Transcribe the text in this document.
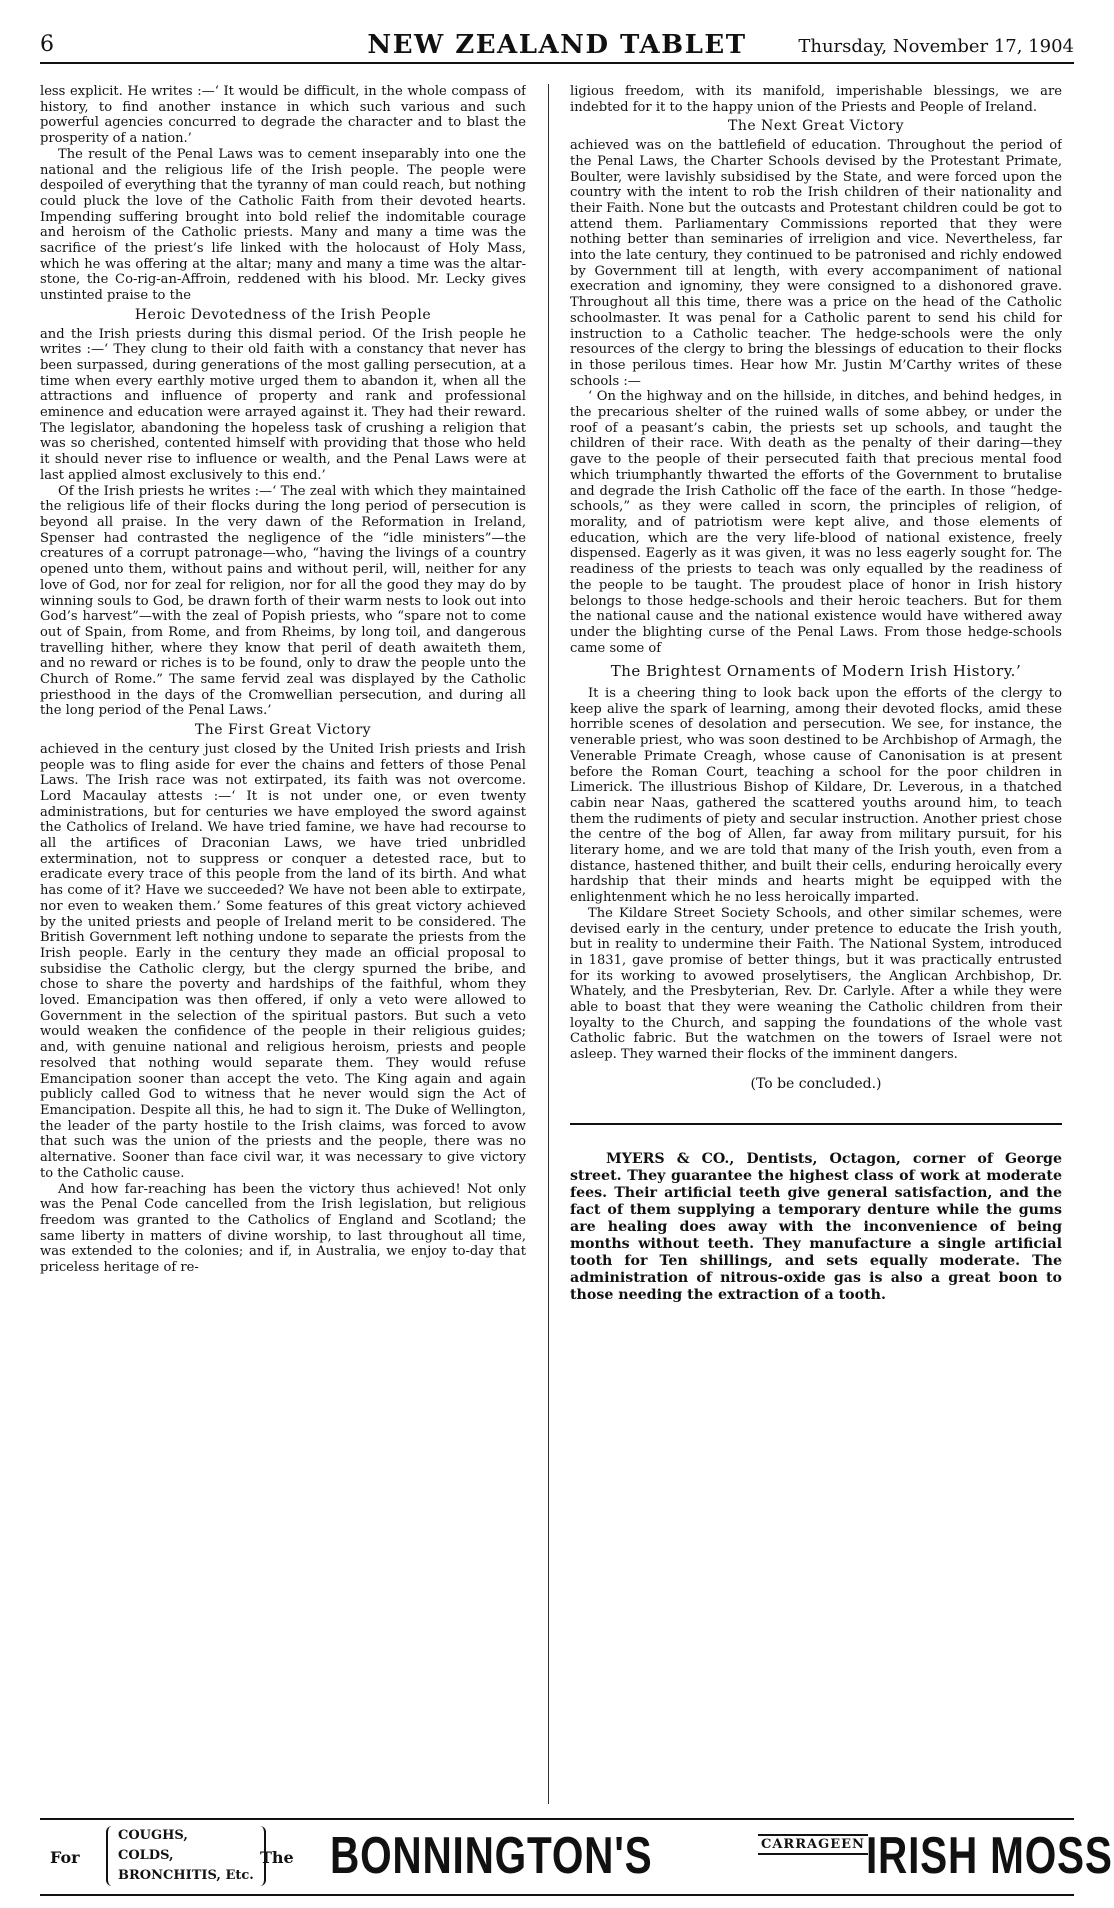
6	NEW ZEALAND TABLET	Thursday, November 17, 1904

less explicit. He writes :—‘ It would be difficult, in the whole compass of history, to find another instance in which such various and such powerful agencies concurred to degrade the character and to blast the prosperity of a nation.’

The result of the Penal Laws was to cement inseparably into one the national and the religious life of the Irish people. The people were despoiled of everything that the tyranny of man could reach, but nothing could pluck the love of the Catholic Faith from their devoted hearts. Impending suffering brought into bold relief the indomitable courage and heroism of the Catholic priests. Many and many a time was the sacrifice of the priest’s life linked with the holocaust of Holy Mass, which he was offering at the altar; many and many a time was the altar-stone, the Co-rig-an-Affroin, reddened with his blood. Mr. Lecky gives unstinted praise to the

Heroic Devotedness of the Irish People

and the Irish priests during this dismal period. Of the Irish people he writes :—‘ They clung to their old faith with a constancy that never has been surpassed, during generations of the most galling persecution, at a time when every earthly motive urged them to abandon it, when all the attractions and influence of property and rank and professional eminence and education were arrayed against it. They had their reward. The legislator, abandoning the hopeless task of crushing a religion that was so cherished, contented himself with providing that those who held it should never rise to influence or wealth, and the Penal Laws were at last applied almost exclusively to this end.’

Of the Irish priests he writes :—‘ The zeal with which they maintained the religious life of their flocks during the long period of persecution is beyond all praise. In the very dawn of the Reformation in Ireland, Spenser had contrasted the negligence of the “idle ministers”—the creatures of a corrupt patronage—who, “having the livings of a country opened unto them, without pains and without peril, will, neither for any love of God, nor for zeal for religion, nor for all the good they may do by winning souls to God, be drawn forth of their warm nests to look out into God’s harvest”—with the zeal of Popish priests, who “spare not to come out of Spain, from Rome, and from Rheims, by long toil, and dangerous travelling hither, where they know that peril of death awaiteth them, and no reward or riches is to be found, only to draw the people unto the Church of Rome.” The same fervid zeal was displayed by the Catholic priesthood in the days of the Cromwellian persecution, and during all the long period of the Penal Laws.’

The First Great Victory

achieved in the century just closed by the United Irish priests and Irish people was to fling aside for ever the chains and fetters of those Penal Laws. The Irish race was not extirpated, its faith was not overcome. Lord Macaulay attests :—‘ It is not under one, or even twenty administrations, but for centuries we have employed the sword against the Catholics of Ireland. We have tried famine, we have had recourse to all the artifices of Draconian Laws, we have tried unbridled extermination, not to suppress or conquer a detested race, but to eradicate every trace of this people from the land of its birth. And what has come of it? Have we succeeded? We have not been able to extirpate, nor even to weaken them.’ Some features of this great victory achieved by the united priests and people of Ireland merit to be considered. The British Government left nothing undone to separate the priests from the Irish people. Early in the century they made an official proposal to subsidise the Catholic clergy, but the clergy spurned the bribe, and chose to share the poverty and hardships of the faithful, whom they loved. Emancipation was then offered, if only a veto were allowed to Government in the selection of the spiritual pastors. But such a veto would weaken the confidence of the people in their religious guides; and, with genuine national and religious heroism, priests and people resolved that nothing would separate them. They would refuse Emancipation sooner than accept the veto. The King again and again publicly called God to witness that he never would sign the Act of Emancipation. Despite all this, he had to sign it. The Duke of Wellington, the leader of the party hostile to the Irish claims, was forced to avow that such was the union of the priests and the people, there was no alternative. Sooner than face civil war, it was necessary to give victory to the Catholic cause.

And how far-reaching has been the victory thus achieved! Not only was the Penal Code cancelled from the Irish legislation, but religious freedom was granted to the Catholics of England and Scotland; the same liberty in matters of divine worship, to last throughout all time, was extended to the colonies; and if, in Australia, we enjoy to-day that priceless heritage of re-

ligious freedom, with its manifold, imperishable blessings, we are indebted for it to the happy union of the Priests and People of Ireland.

The Next Great Victory

achieved was on the battlefield of education. Throughout the period of the Penal Laws, the Charter Schools devised by the Protestant Primate, Boulter, were lavishly subsidised by the State, and were forced upon the country with the intent to rob the Irish children of their nationality and their Faith. None but the outcasts and Protestant children could be got to attend them. Parliamentary Commissions reported that they were nothing better than seminaries of irreligion and vice. Nevertheless, far into the late century, they continued to be patronised and richly endowed by Government till at length, with every accompaniment of national execration and ignominy, they were consigned to a dishonored grave. Throughout all this time, there was a price on the head of the Catholic schoolmaster. It was penal for a Catholic parent to send his child for instruction to a Catholic teacher. The hedge-schools were the only resources of the clergy to bring the blessings of education to their flocks in those perilous times. Hear how Mr. Justin M’Carthy writes of these schools :—

‘ On the highway and on the hillside, in ditches, and behind hedges, in the precarious shelter of the ruined walls of some abbey, or under the roof of a peasant’s cabin, the priests set up schools, and taught the children of their race. With death as the penalty of their daring—they gave to the people of their persecuted faith that precious mental food which triumphantly thwarted the efforts of the Government to brutalise and degrade the Irish Catholic off the face of the earth. In those “hedge-schools,” as they were called in scorn, the principles of religion, of morality, and of patriotism were kept alive, and those elements of education, which are the very life-blood of national existence, freely dispensed. Eagerly as it was given, it was no less eagerly sought for. The readiness of the priests to teach was only equalled by the readiness of the people to be taught. The proudest place of honor in Irish history belongs to those hedge-schools and their heroic teachers. But for them the national cause and the national existence would have withered away under the blighting curse of the Penal Laws. From those hedge-schools came some of

The Brightest Ornaments of Modern Irish History.’

It is a cheering thing to look back upon the efforts of the clergy to keep alive the spark of learning, among their devoted flocks, amid these horrible scenes of desolation and persecution. We see, for instance, the venerable priest, who was soon destined to be Archbishop of Armagh, the Venerable Primate Creagh, whose cause of Canonisation is at present before the Roman Court, teaching a school for the poor children in Limerick. The illustrious Bishop of Kildare, Dr. Leverous, in a thatched cabin near Naas, gathered the scattered youths around him, to teach them the rudiments of piety and secular instruction. Another priest chose the centre of the bog of Allen, far away from military pursuit, for his literary home, and we are told that many of the Irish youth, even from a distance, hastened thither, and built their cells, enduring heroically every hardship that their minds and hearts might be equipped with the enlightenment which he no less heroically imparted.

The Kildare Street Society Schools, and other similar schemes, were devised early in the century, under pretence to educate the Irish youth, but in reality to undermine their Faith. The National System, introduced in 1831, gave promise of better things, but it was practically entrusted for its working to avowed proselytisers, the Anglican Archbishop, Dr. Whately, and the Presbyterian, Rev. Dr. Carlyle. After a while they were able to boast that they were weaning the Catholic children from their loyalty to the Church, and sapping the foundations of the whole vast Catholic fabric. But the watchmen on the towers of Israel were not asleep. They warned their flocks of the imminent dangers.

(To be concluded.)

MYERS & CO., Dentists, Octagon, corner of George street. They guarantee the highest class of work at moderate fees. Their artificial teeth give general satisfaction, and the fact of them supplying a temporary denture while the gums are healing does away with the inconvenience of being months without teeth. They manufacture a single artificial tooth for Ten shillings, and sets equally moderate. The administration of nitrous-oxide gas is also a great boon to those needing the extraction of a tooth.

For
COUGHS,
COLDS,
BRONCHITIS, Etc.
The BONNINGTON'S	CARRAGEEN IRISH MOSS
